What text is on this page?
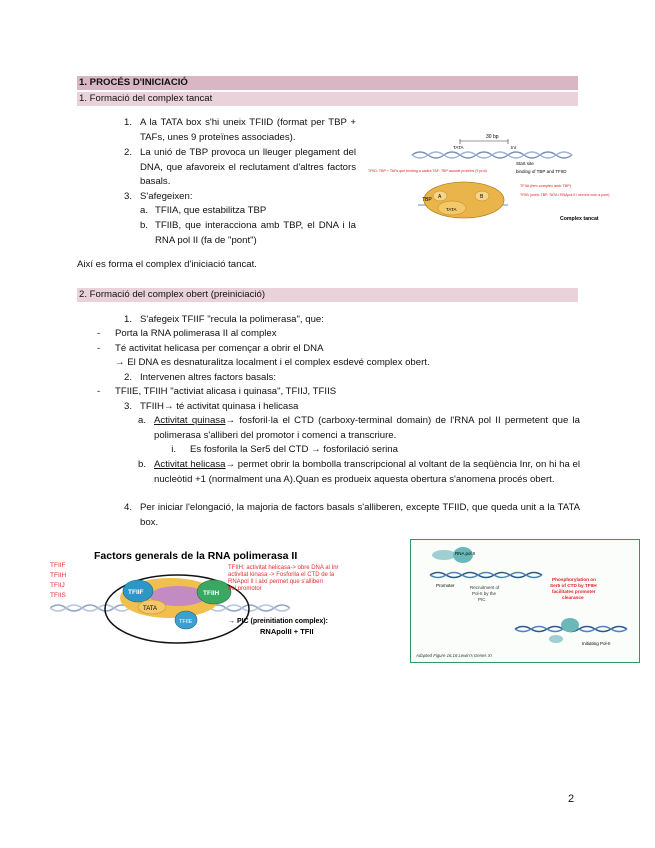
1. PROCÉS D'INICIACIÓ
1. Formació del complex tancat
1. A la TATA box s'hi uneix TFIID (format per TBP + TAFs, unes 9 proteïnes associades).
2. La unió de TBP provoca un lleuger plegament del DNA, que afavoreix el reclutament d'altres factors basals.
3. S'afegeixen:
a. TFIIA, que estabilitza TBP
b. TFIIB, que interacciona amb TBP, el DNA i la RNA pol II (fa de "pont")
Així es forma el complex d'iniciació tancat.
30 bp
TATA	Inr
Start site
binding of TBP and TFIID
TFIID: TBP + TAFs que binding a cadira TAF: TBP asociat proteïns (9 prot)
TFIIA (fem complex amb TBP)
TFIIB (uneix TBP, TATA i RNApol II i serveix com a pont)
TBP
TATA
A	B
Complex tancat
2. Formació del complex obert (preiniciació)
1. S'afegeix TFIIF "recula la polimerasa", que:
- Porta la RNA polimerasa II al complex
- Té activitat helicasa per començar a obrir el DNA
→ El DNA es desnaturalitza localment i el complex esdevé complex obert.
2. Intervenen altres factors basals:
- TFIIE, TFIIH "activiat alicasa i quinasa", TFIIJ, TFIIS
3. TFIIH→ té activitat quinasa i helicasa
a. Activitat quinasa→ fosforil·la el CTD (carboxy-terminal domain) de l'RNA pol II permetent que la polimerasa s'alliberi del promotor i comenci a transcriure.
i. Es fosforila la Ser5 del CTD → fosforilació serina
b. Activitat helicasa→ permet obrir la bombolla transcripcional al voltant de la seqüència Inr, on hi ha el nucleòtid +1 (normalment una A).Quan es produeix aquesta obertura s'anomena procés obert.
4. Per iniciar l'elongació, la majoria de factors basals s'alliberen, excepte TFIID, que queda unit a la TATA box.
Factors generals de la RNA polimerasa II
TFIIF
TFIIH
TFIIJ
TFIIS	TFIIF	TFIIH
TATA
TFIIE
TFIIH: activitat helicasa-> obre DNA al Inr activitat kinasa -> Fosforila el CTD de la RNApol II i així permet que s'alliberi del promotor
→ PIC (preinitiation complex):
RNApolII + TFII
RNA pol II
Promoter	Recruitment of Pol-II by the PIC
Phosphorylation on Ser5 of CTD by TFIIH facilitates promoter clearance
Initiating Pol-II
Adapted Figure 16.16 Lewin's Genes XI
2
